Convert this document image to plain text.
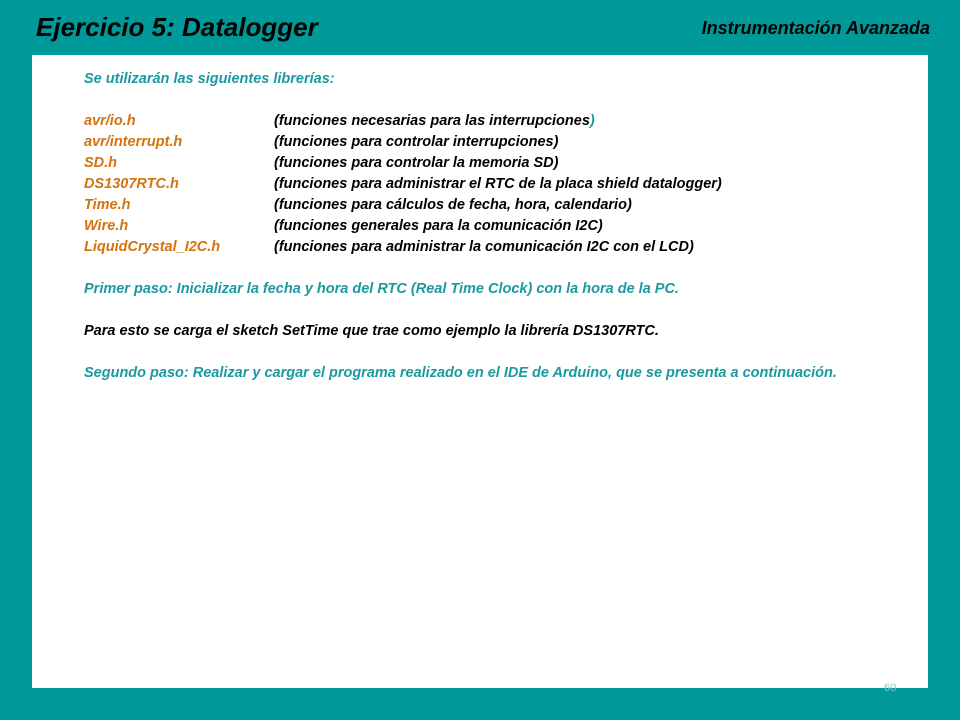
Ejercicio 5: Datalogger	Instrumentación Avanzada
Se utilizarán las siguientes librerías:
avr/io.h	(funciones necesarias para las interrupciones )
avr/interrupt.h	(funciones para controlar interrupciones)
SD.h	(funciones para controlar la memoria SD)
DS1307RTC.h	(funciones para administrar el RTC de la placa shield datalogger)
Time.h	(funciones para cálculos de fecha, hora, calendario)
Wire.h	(funciones generales para la comunicación I2C)
LiquidCrystal_I2C.h	(funciones para administrar la comunicación I2C con el LCD)
Primer paso: Inicializar la fecha y hora del RTC (Real Time Clock) con la hora de la PC.
Para esto se carga el sketch SetTime que trae como ejemplo la librería DS1307RTC.
Segundo paso: Realizar y cargar el programa realizado en el IDE de Arduino, que se presenta a continuación.
60
